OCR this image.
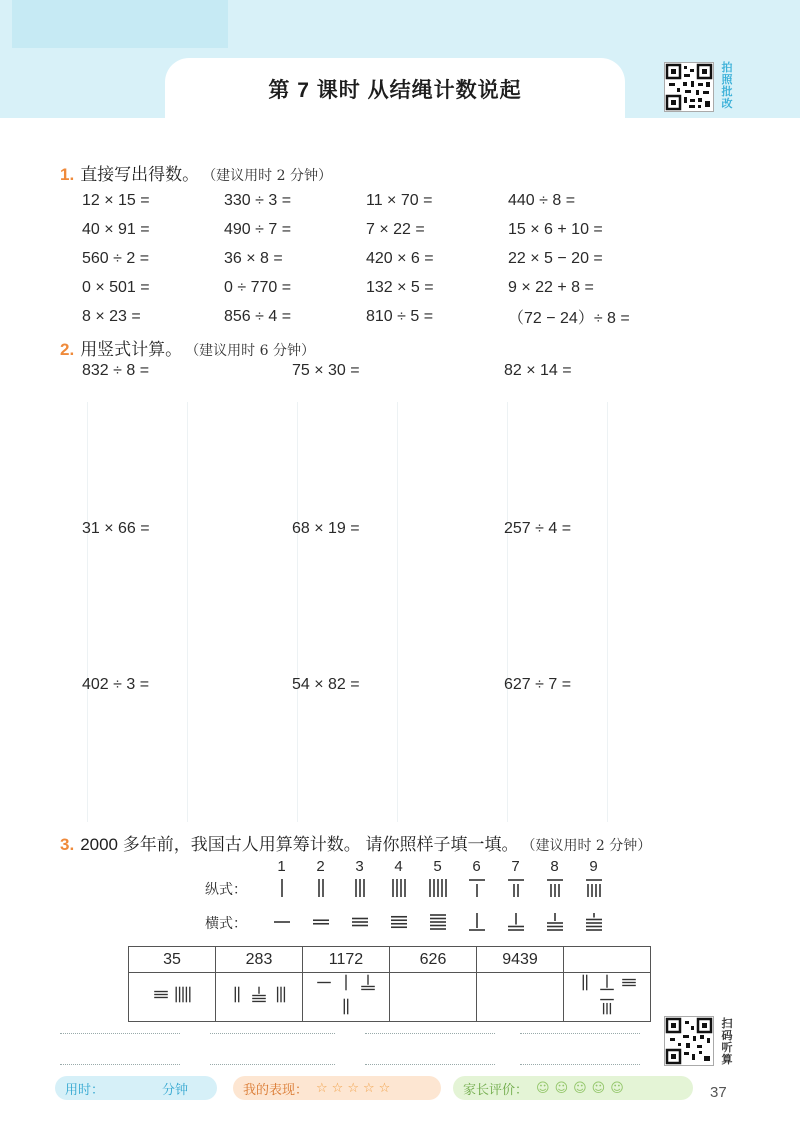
第 7 课时 从结绳计数说起
拍照批改
1. 直接写出得数。 （建议用时 2 分钟）
12 × 15 =	330 ÷ 3 =	11 × 70 =	440 ÷ 8 =
40 × 91 =	490 ÷ 7 =	7 × 22 =	15 × 6 + 10 =
560 ÷ 2 =	36 × 8 =	420 × 6 =	22 × 5 − 20 =
0 × 501 =	0 ÷ 770 =	132 × 5 =	9 × 22 + 8 =
8 × 23 =	856 ÷ 4 =	810 ÷ 5 =	（72 − 24）÷ 8 =
2. 用竖式计算。 （建议用时 6 分钟）
832 ÷ 8 =	75 × 30 =	82 × 14 =
31 × 66 =	68 × 19 =	257 ÷ 4 =
402 ÷ 3 =	54 × 82 =	627 ÷ 7 =
3. 2000 多年前，我国古人用算筹计数。 请你照样子填一填。 （建议用时 2 分钟）
1	2	3	4	5	6	7	8	9
纵式：
横式：
35	283	1172	626	9439	

扫码听算
用时：	分钟	我的表现： ☆☆☆☆☆	家长评价： ☺☺☺☺☺	37
